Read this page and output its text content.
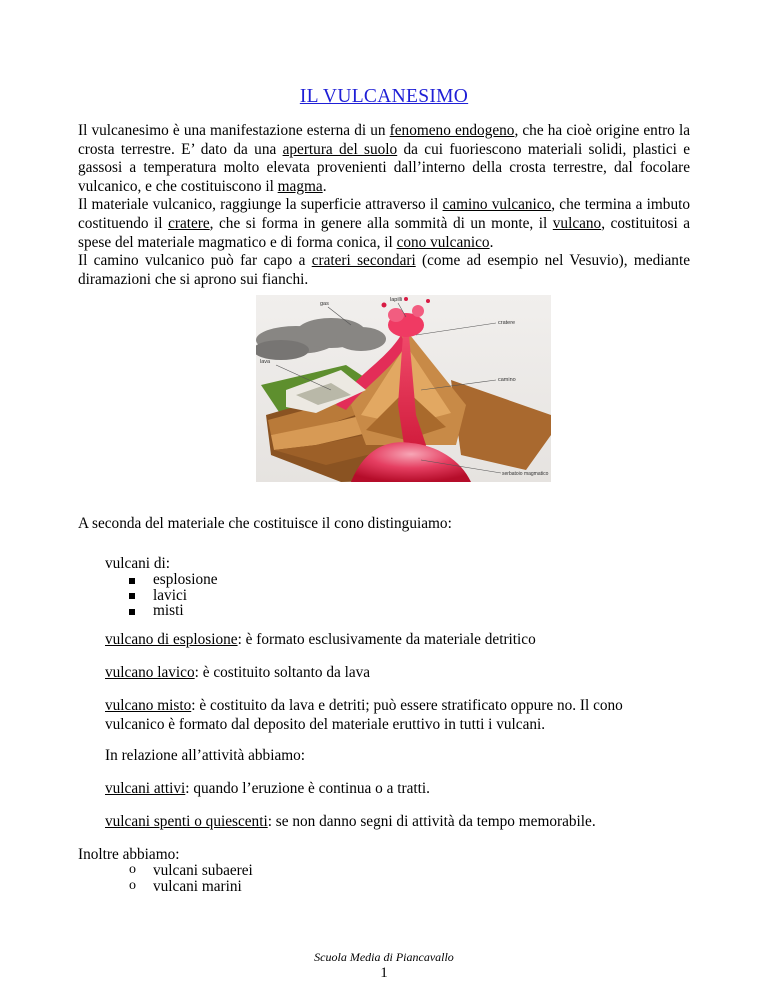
IL VULCANESIMO
Il vulcanesimo è una manifestazione esterna di un fenomeno endogeno, che ha cioè origine entro la
crosta terrestre. E’ dato da una apertura del suolo da cui fuoriescono materiali solidi, plastici e
gassosi a temperatura molto elevata provenienti dall’interno della crosta terrestre, dal focolare
vulcanico, e che costituiscono il magma.
Il materiale vulcanico, raggiunge la superficie attraverso il camino vulcanico, che termina a imbuto
costituendo il cratere, che si forma in genere alla sommità di un monte, il vulcano, costituitosi a
spese del materiale magmatico e di forma conica, il cono vulcanico.
Il camino vulcanico può far capo a crateri secondari (come ad esempio nel Vesuvio), mediante
diramazioni che si aprono sui fianchi.
gas
lapilli
cratere
lava
camino
serbatoio magmatico
A seconda del materiale che costituisce il cono distinguiamo:
vulcani di:
esplosione
lavici
misti
vulcano di esplosione: è formato esclusivamente da materiale detritico
vulcano lavico: è costituito soltanto da lava
vulcano misto: è costituito da lava e detriti; può essere stratificato oppure no. Il cono
vulcanico è formato dal deposito del materiale eruttivo in tutti i vulcani.
In relazione all’attività abbiamo:
vulcani attivi: quando l’eruzione è continua o a tratti.
vulcani spenti o quiescenti: se non danno segni di attività da tempo memorabile.
Inoltre abbiamo:
o vulcani subaerei
o vulcani marini
Scuola Media di Piancavallo
1
